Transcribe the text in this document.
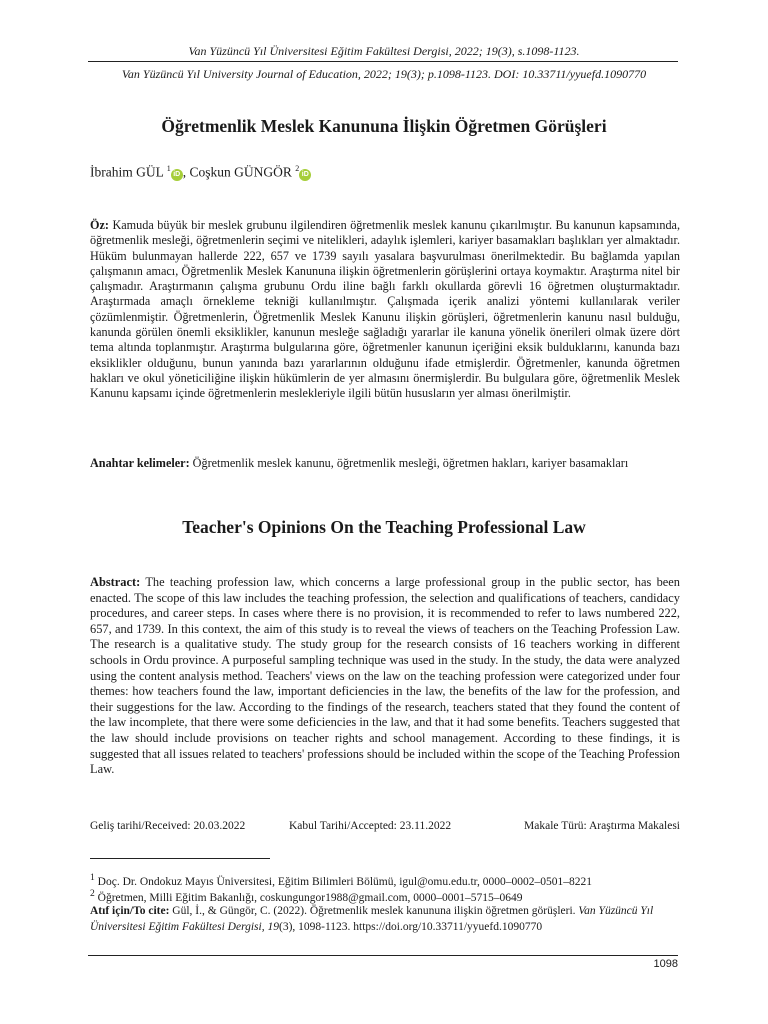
Van Yüzüncü Yıl Üniversitesi Eğitim Fakültesi Dergisi, 2022; 19(3), s.1098-1123.
Van Yüzüncü Yıl University Journal of Education, 2022; 19(3); p.1098-1123. DOI: 10.33711/yyuefd.1090770
Öğretmenlik Meslek Kanununa İlişkin Öğretmen Görüşleri
İbrahim GÜL $^1$iD , Coşkun GÜNGÖR $^2$iD
Öz: Kamuda büyük bir meslek grubunu ilgilendiren öğretmenlik meslek kanunu çıkarılmıştır. Bu kanunun kapsamında, öğretmenlik mesleği, öğretmenlerin seçimi ve nitelikleri, adaylık işlemleri, kariyer basamakları başlıkları yer almaktadır. Hüküm bulunmayan hallerde 222, 657 ve 1739 sayılı yasalara başvurulması önerilmektedir. Bu bağlamda yapılan çalışmanın amacı, Öğretmenlik Meslek Kanununa ilişkin öğretmenlerin görüşlerini ortaya koymaktır. Araştırma nitel bir çalışmadır. Araştırmanın çalışma grubunu Ordu iline bağlı farklı okullarda görevli 16 öğretmen oluşturmaktadır. Araştırmada amaçlı örnekleme tekniği kullanılmıştır. Çalışmada içerik analizi yöntemi kullanılarak veriler çözümlenmiştir. Öğretmenlerin, Öğretmenlik Meslek Kanunu ilişkin görüşleri, öğretmenlerin kanunu nasıl bulduğu, kanunda görülen önemli eksiklikler, kanunun mesleğe sağladığı yararlar ile kanuna yönelik önerileri olmak üzere dört tema altında toplanmıştır. Araştırma bulgularına göre, öğretmenler kanunun içeriğini eksik bulduklarını, kanunda bazı eksiklikler olduğunu, bunun yanında bazı yararlarının olduğunu ifade etmişlerdir. Öğretmenler, kanunda öğretmen hakları ve okul yöneticiliğine ilişkin hükümlerin de yer almasını önermişlerdir. Bu bulgulara göre, öğretmenlik Meslek Kanunu kapsamı içinde öğretmenlerin meslekleriyle ilgili bütün hususların yer alması önerilmiştir.
Anahtar kelimeler: Öğretmenlik meslek kanunu, öğretmenlik mesleği, öğretmen hakları, kariyer basamakları
Teacher's Opinions On the Teaching Professional Law
Abstract: The teaching profession law, which concerns a large professional group in the public sector, has been enacted. The scope of this law includes the teaching profession, the selection and qualifications of teachers, candidacy procedures, and career steps. In cases where there is no provision, it is recommended to refer to laws numbered 222, 657, and 1739. In this context, the aim of this study is to reveal the views of teachers on the Teaching Profession Law. The research is a qualitative study. The study group for the research consists of 16 teachers working in different schools in Ordu province. A purposeful sampling technique was used in the study. In the study, the data were analyzed using the content analysis method. Teachers' views on the law on the teaching profession were categorized under four themes: how teachers found the law, important deficiencies in the law, the benefits of the law for the profession, and their suggestions for the law. According to the findings of the research, teachers stated that they found the content of the law incomplete, that there were some deficiencies in the law, and that it had some benefits. Teachers suggested that the law should include provisions on teacher rights and school management. According to these findings, it is suggested that all issues related to teachers' professions should be included within the scope of the Teaching Profession Law.
Geliş tarihi/Received: 20.03.2022	Kabul Tarihi/Accepted: 23.11.2022	Makale Türü: Araştırma Makalesi
$^1$ Doç. Dr. Ondokuz Mayıs Üniversitesi, Eğitim Bilimleri Bölümü, igul@omu.edu.tr, 0000–0002–0501–8221
$^2$ Öğretmen, Milli Eğitim Bakanlığı, coskungungor1988@gmail.com, 0000–0001–5715–0649
Atıf için/To cite: Gül, İ., & Güngör, C. (2022). Öğretmenlik meslek kanununa ilişkin öğretmen görüşleri. Van Yüzüncü Yıl Üniversitesi Eğitim Fakültesi Dergisi, 19(3), 1098-1123. https://doi.org/10.33711/yyuefd.1090770
1098
